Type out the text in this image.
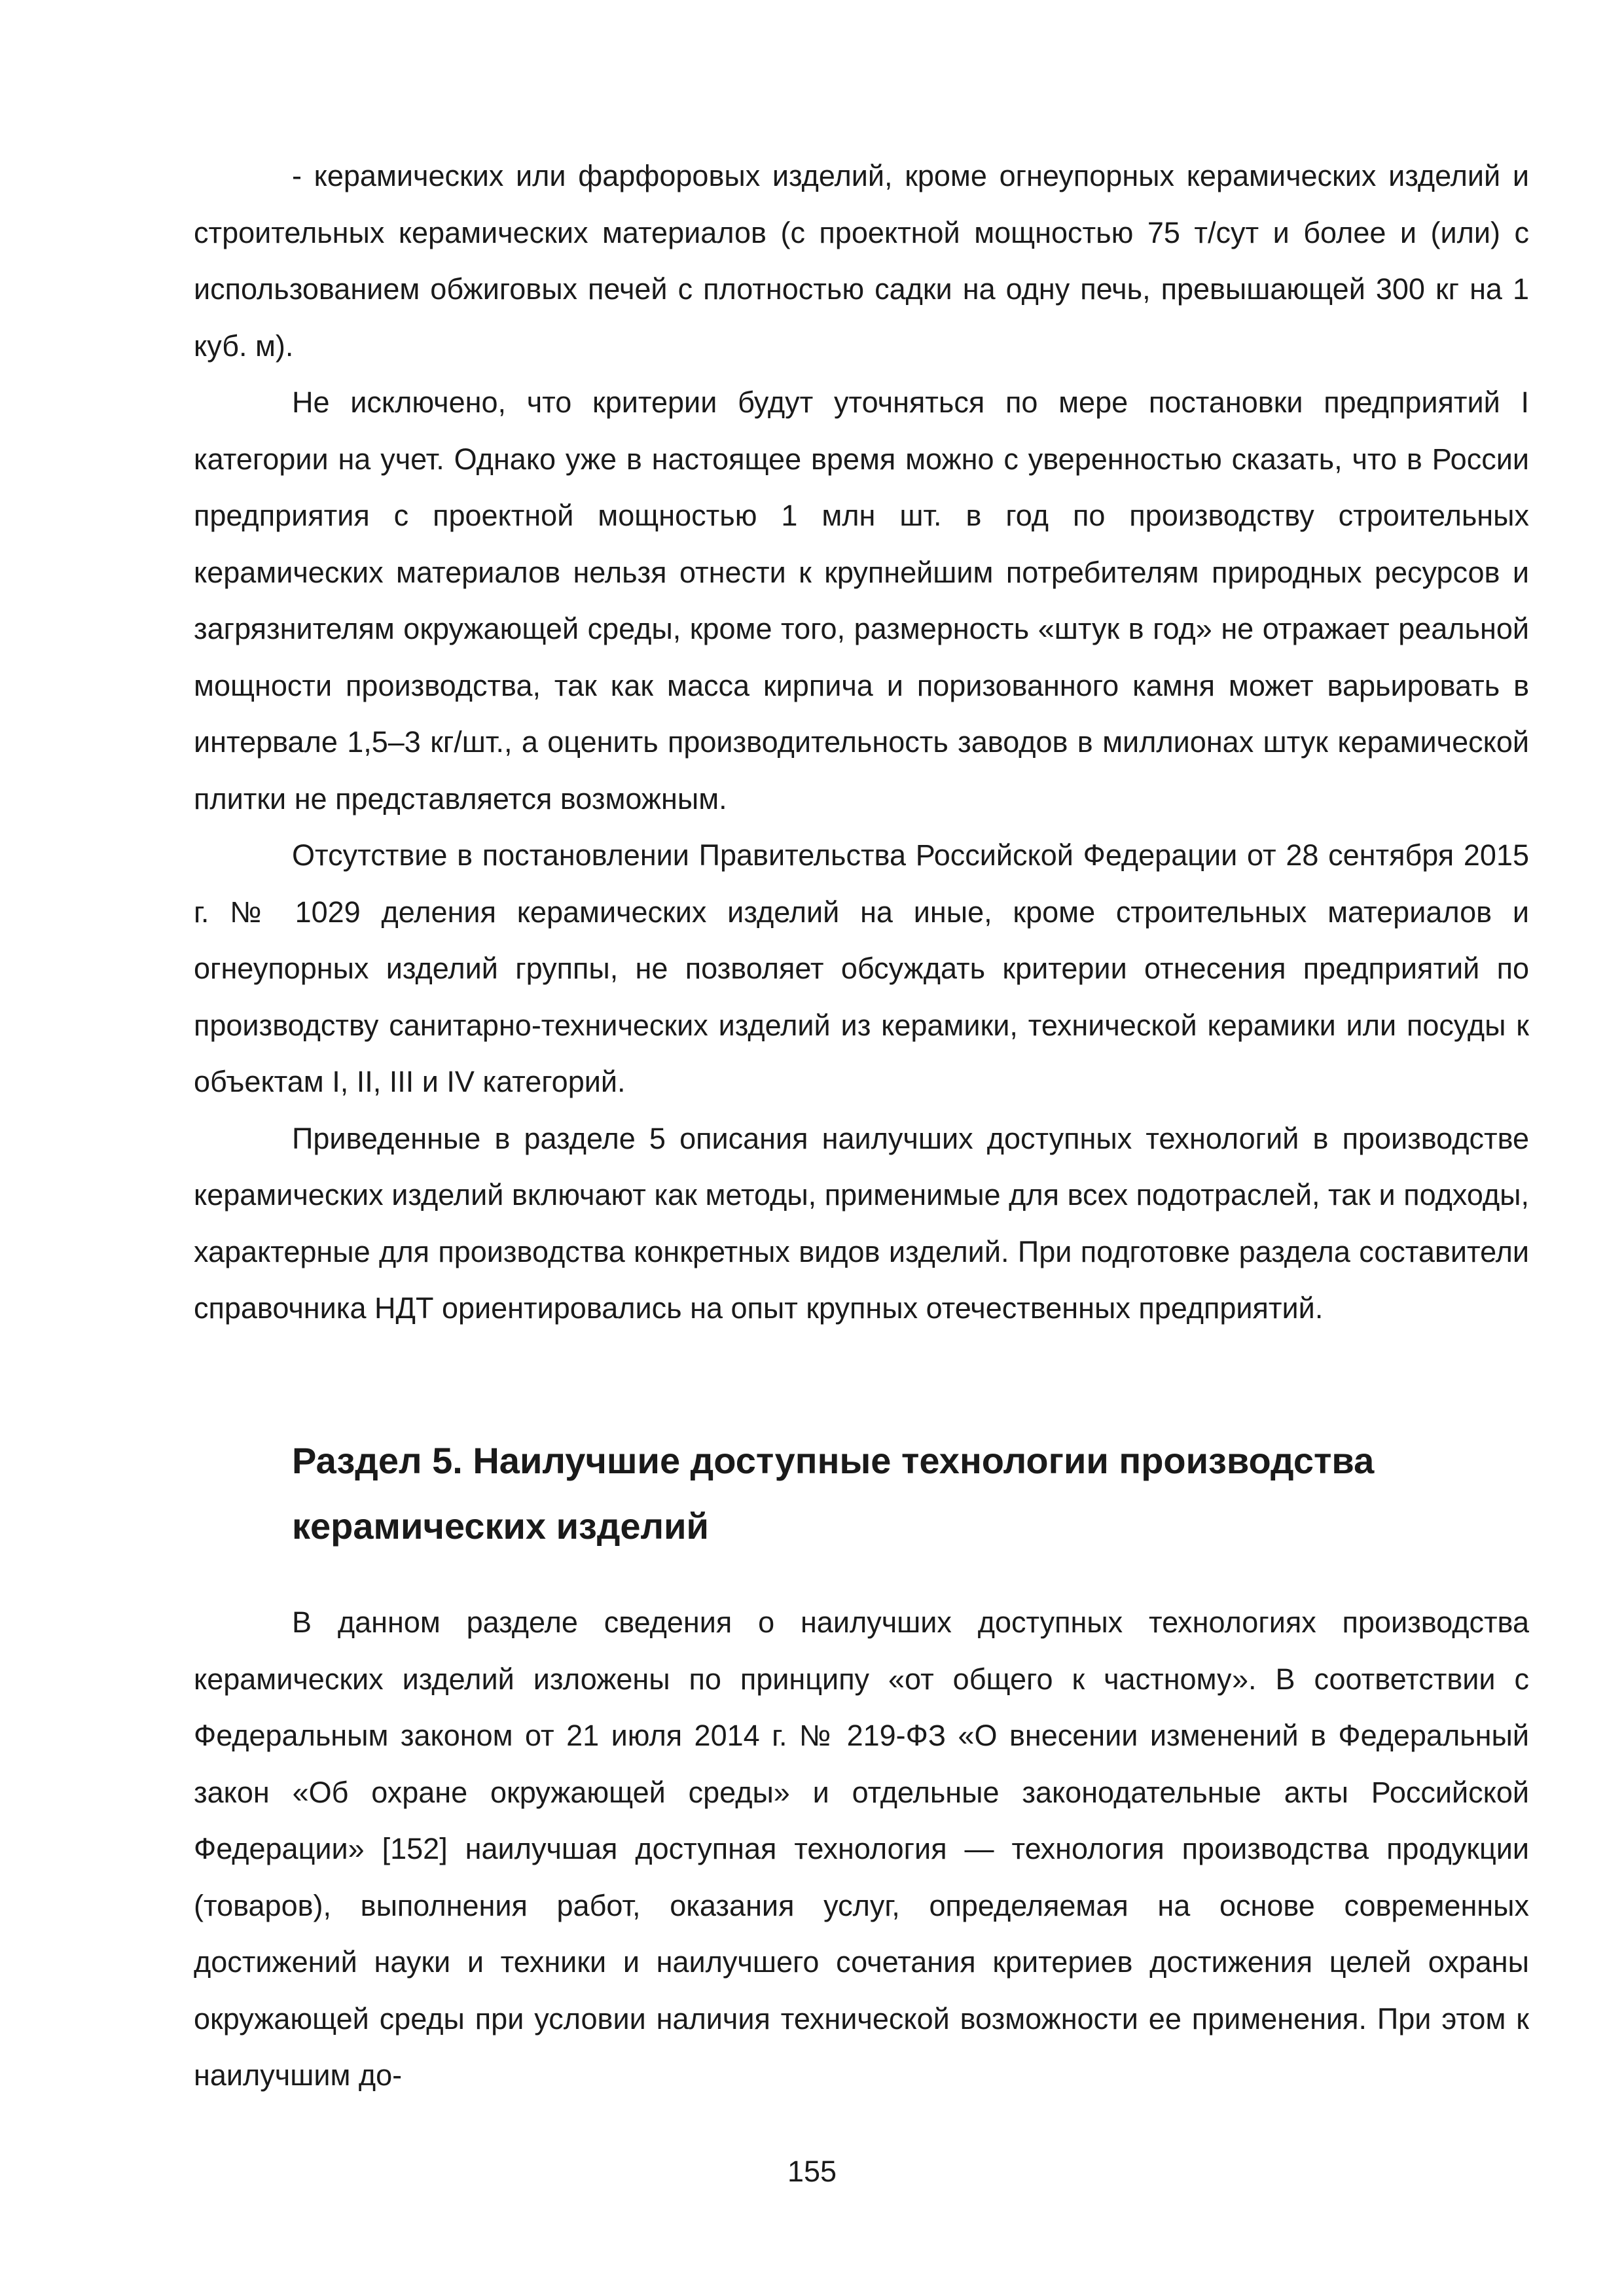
- керамических или фарфоровых изделий, кроме огнеупорных керамических изделий и строительных керамических материалов (с проектной мощностью 75 т/сут и более и (или) с использованием обжиговых печей с плотностью садки на одну печь, превышающей 300 кг на 1 куб. м).

Не исключено, что критерии будут уточняться по мере постановки предприятий I категории на учет. Однако уже в настоящее время можно с уверенностью сказать, что в России предприятия с проектной мощностью 1 млн шт. в год по производству строительных керамических материалов нельзя отнести к крупнейшим потребителям природных ресурсов и загрязнителям окружающей среды, кроме того, размерность «штук в год» не отражает реальной мощности производства, так как масса кирпича и поризованного камня может варьировать в интервале 1,5–3 кг/шт., а оценить производительность заводов в миллионах штук керамической плитки не представляется возможным.

Отсутствие в постановлении Правительства Российской Федерации от 28 сентября 2015 г. № 1029 деления керамических изделий на иные, кроме строительных материалов и огнеупорных изделий группы, не позволяет обсуждать критерии отнесения предприятий по производству санитарно-технических изделий из керамики, технической керамики или посуды к объектам I, II, III и IV категорий.

Приведенные в разделе 5 описания наилучших доступных технологий в производстве керамических изделий включают как методы, применимые для всех подотраслей, так и подходы, характерные для производства конкретных видов изделий. При подготовке раздела составители справочника НДТ ориентировались на опыт крупных отечественных предприятий.

Раздел 5. Наилучшие доступные технологии производства керамических изделий

В данном разделе сведения о наилучших доступных технологиях производства керамических изделий изложены по принципу «от общего к частному». В соответствии с Федеральным законом от 21 июля 2014 г. № 219-ФЗ «О внесении изменений в Федеральный закон «Об охране окружающей среды» и отдельные законодательные акты Российской Федерации» [152] наилучшая доступная технология — технология производства продукции (товаров), выполнения работ, оказания услуг, определяемая на основе современных достижений науки и техники и наилучшего сочетания критериев достижения целей охраны окружающей среды при условии наличия технической возможности ее применения. При этом к наилучшим до-

155
